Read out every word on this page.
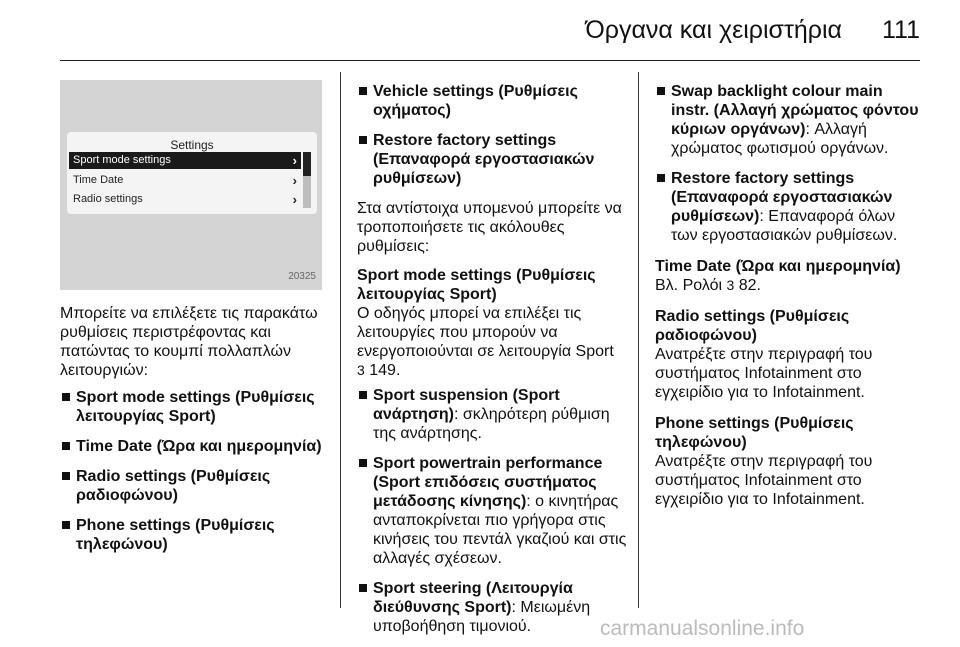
Όργανα και χειριστήρια 111
Settings
Sport mode settings	›
Time Date	›
Radio settings	›
20325

Μπορείτε να επιλέξετε τις παρακάτω ρυθμίσεις περιστρέφοντας και πατώντας το κουμπί πολλαπλών λειτουργιών:

Sport mode settings (Ρυθμίσεις λειτουργίας Sport)
Time Date (Ώρα και ημερομηνία)
Radio settings (Ρυθμίσεις ραδιοφώνου)
Phone settings (Ρυθμίσεις τηλεφώνου)
Vehicle settings (Ρυθμίσεις οχήματος)
Restore factory settings (Επαναφορά εργοστασιακών ρυθμίσεων)

Στα αντίστοιχα υπομενού μπορείτε να τροποποιήσετε τις ακόλουθες ρυθμίσεις:

Sport mode settings (Ρυθμίσεις λειτουργίας Sport)

Ο οδηγός μπορεί να επιλέξει τις λειτουργίες που μπορούν να ενεργοποιούνται σε λειτουργία Sport
3 149.

Sport suspension (Sport ανάρτηση): σκληρότερη ρύθμιση της ανάρτησης.
Sport powertrain performance (Sport επιδόσεις συστήματος μετάδοσης κίνησης): ο κινητήρας ανταποκρίνεται πιο γρήγορα στις κινήσεις του πεντάλ γκαζιού και στις αλλαγές σχέσεων.
Sport steering (Λειτουργία διεύθυνσης Sport): Μειωμένη υποβοήθηση τιμονιού.
Swap backlight colour main instr. (Αλλαγή χρώματος φόντου κύριων οργάνων): Αλλαγή χρώματος φωτισμού οργάνων.
Restore factory settings (Επαναφορά εργοστασιακών ρυθμίσεων): Επαναφορά όλων των εργοστασιακών ρυθμίσεων.
Time Date (Ώρα και ημερομηνία)

Βλ. Ρολόι 3 82.

Radio settings (Ρυθμίσεις ραδιοφώνου)

Ανατρέξτε στην περιγραφή του συστήματος Infotainment στο εγχειρίδιο για το Infotainment.

Phone settings (Ρυθμίσεις τηλεφώνου)

Ανατρέξτε στην περιγραφή του συστήματος Infotainment στο εγχειρίδιο για το Infotainment.

carmanualsonline.info
